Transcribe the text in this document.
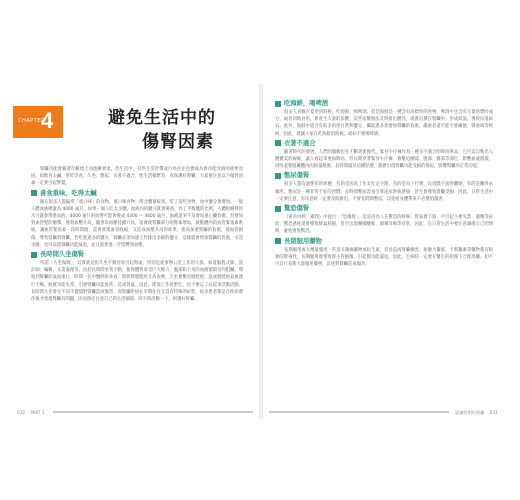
CHAPTER
4	避免生活中的
傷腎因素

腎臟功能會隨著年齡增大而逐漸衰退，但生活中，有些生活習慣或行為往往也會成為腎功能受損的重要原因，如飲食太鹹、常吃零食、久坐、憋尿、衣著不適合、性生活頻繁等，為保護好腎臟，大家要注意以下傷腎因素一定要引起警覺。

喜食重味、吃得太鹹

跟在很多人都偏愛「重口味」的食物，重口味食物一般含鹽量較高，吃了這些食物，血中鹽分會增加。一般人體血液總量為 4000 毫升，如果一個人吃太多鹽，血液內的鹽分就會變高，為了平衡鹽的比例，人體組織裡的水分就會滲進血液，4000 毫升的血變可能會變成 4300 ～ 4600 毫升，血液還來不及會加重心臟負擔，但增加對血管壁的衝擊，導致血壓升高，隨著高血壓持續升高，還會使腎臟部分的腎素增加，啟動體內的血管緊張素系統，讓血管緊張素一段時間後，還會發現血管收縮，又造成血壓升高的結果，進而加重腎臟的負擔，使血管損傷，導致腎臟與腎臟，若吃進過多的鹽分，腎臟必須加速工作排出多餘的鹽分，這樣就會增加腎臟的負擔，引起水腫，也可以使腎臟功能減退，並且還會進一步影響到血壓。

長時間久坐傷腎

所謂「久坐傷腎」，其實就是指久坐不動容易引起腎虛，特別是從事辦公室工作的人群，如電腦程式師、設計師、編輯、文書處理等，由於長時間坐著不動，使得體質承受巨大壓力，腹部和下身的血液循環受到阻礙，導致到腎臟的氣血運行，時間一長中醫經絡來看，腎經與膀胱經互為表裡，久坐會壓迫膀胱經，造成膀胱經氣血運行不暢，膀胱功能失常，引發腎臟功能異常，造成腎虛。因此，即使工作再繁忙，也不要忘了站起來活動活動，長時間久坐會在不知不覺間對腎臟造成傷害，而腎臟疾病在早期往往又沒有特殊的症狀，很多患者都是在疾病發作後才發現腎臟有問題，因而務必注意自己的生活細節，時不時活動一下，呵護好腎臟。

030 PART 1
吃海鮮，喝啤酒

很多人喜歡在夏季的時候，吃海鮮、喝啤酒，但是海鮮是一種含有高嘌呤的食物，啤酒中也含有大量的嘌呤成分，兩者同時食用，會產生大量的尿酸，這些尿酸無法及時排出體外，就會沉積在腎臟中，形成結晶，導致尿道結石。此外，海鮮中還含有較多的蛋白質和鹽分，攝取過多會增加腎臟的負擔，嚴重者還可能引發痛風、腎衰竭等疾病，因此，建議大家在吃海鮮的時候，最好不要喝啤酒。

衣著不適合

隨著時代的發展，人們的服飾也在不斷更新換代，緊身牛仔褲作為一種多不適合的時尚單品，它可以勾勒出人體優美的線條，讓人看起來更加時尚，但長期穿著緊身牛仔褲，會壓迫腰部、腹部、臀部等部位，影響血液循環，同時還會阻礙體內的熱量散發，長時間處於這種狀態，就會出現腎臟功能受損的情況，影響腎臟的正常功能。

憋尿傷腎

很多人都有過憋尿的經歷，有的是因為工作太忙走不開，有的是為了打牌、玩遊戲不捨得離開，有的是懶得去廁所，憋尿是一種非常不好的習慣，長時間憋尿容易引發泌尿系統感染，甚至會導致腎臟受損。因此，日常生活中一定要注意，有尿意時一定要及時排出，不要長時間憋尿，以免給身體帶來不必要的傷害。

驚恐傷腎

《黃帝內經．素問》中提出：「恐傷腎」。這是因為人在驚恐的時候，腎氣會下陷，可引起小便失禁、遺精等症狀，驚恐過度還會導致腎氣耗損，甚至出現腰膝酸軟、頭暈耳鳴等症狀，因此，在日常生活中要注意調節自己的情緒，避免過度驚恐。

長期服用藥物

長期服用或大劑量服用一些消炎鎮痛藥物或抗生素，容易造成腎臟損害，如慶大黴素、卡那黴素等藥物都有較強的腎毒性，長期服用會導致腎小管損傷，引起腎功能減退。因此，生病時一定要在醫生的指導下合理用藥，切不可自行長期大量服用藥物，以免對腎臟造成傷害。

認識我們的腎臟 031
